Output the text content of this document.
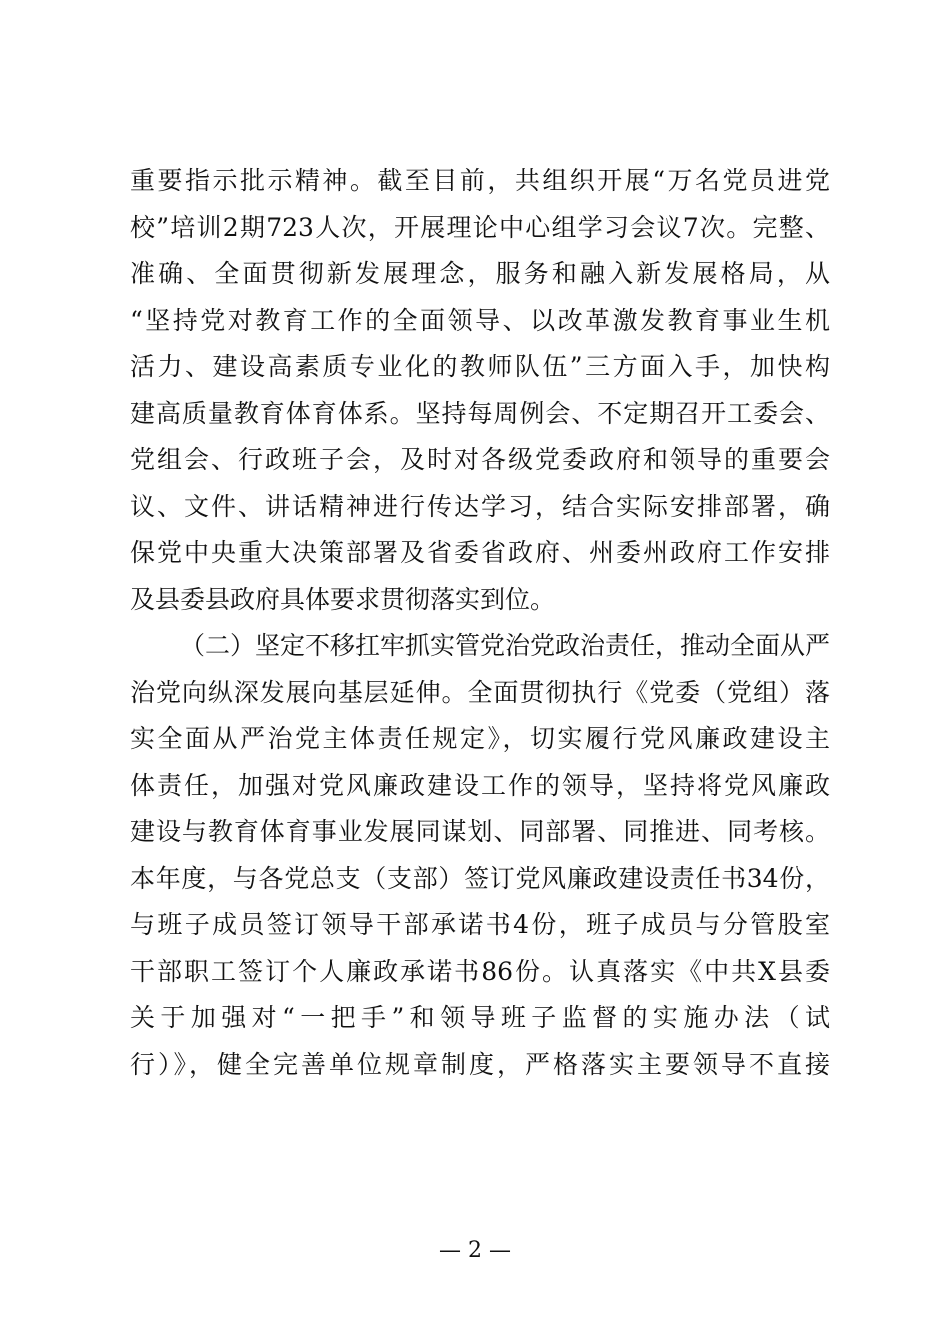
重要指示批示精神。截至目前，共组织开展“万名党员进党
校”培训2期723人次，开展理论中心组学习会议7次。完整、
准确、全面贯彻新发展理念，服务和融入新发展格局，从
“坚持党对教育工作的全面领导、以改革激发教育事业生机
活力、建设高素质专业化的教师队伍”三方面入手，加快构
建高质量教育体育体系。坚持每周例会、不定期召开工委会、
党组会、行政班子会，及时对各级党委政府和领导的重要会
议、文件、讲话精神进行传达学习，结合实际安排部署，确
保党中央重大决策部署及省委省政府、州委州政府工作安排
及县委县政府具体要求贯彻落实到位。
（二）坚定不移扛牢抓实管党治党政治责任，推动全面从严
治党向纵深发展向基层延伸。全面贯彻执行《党委（党组）落
实全面从严治党主体责任规定》，切实履行党风廉政建设主
体责任，加强对党风廉政建设工作的领导，坚持将党风廉政
建设与教育体育事业发展同谋划、同部署、同推进、同考核。
本年度，与各党总支（支部）签订党风廉政建设责任书34份，
与班子成员签订领导干部承诺书4份，班子成员与分管股室
干部职工签订个人廉政承诺书86份。认真落实《中共X县委
关于加强对“一把手”和领导班子监督的实施办法（试
行）》，健全完善单位规章制度，严格落实主要领导不直接
— 2 —
